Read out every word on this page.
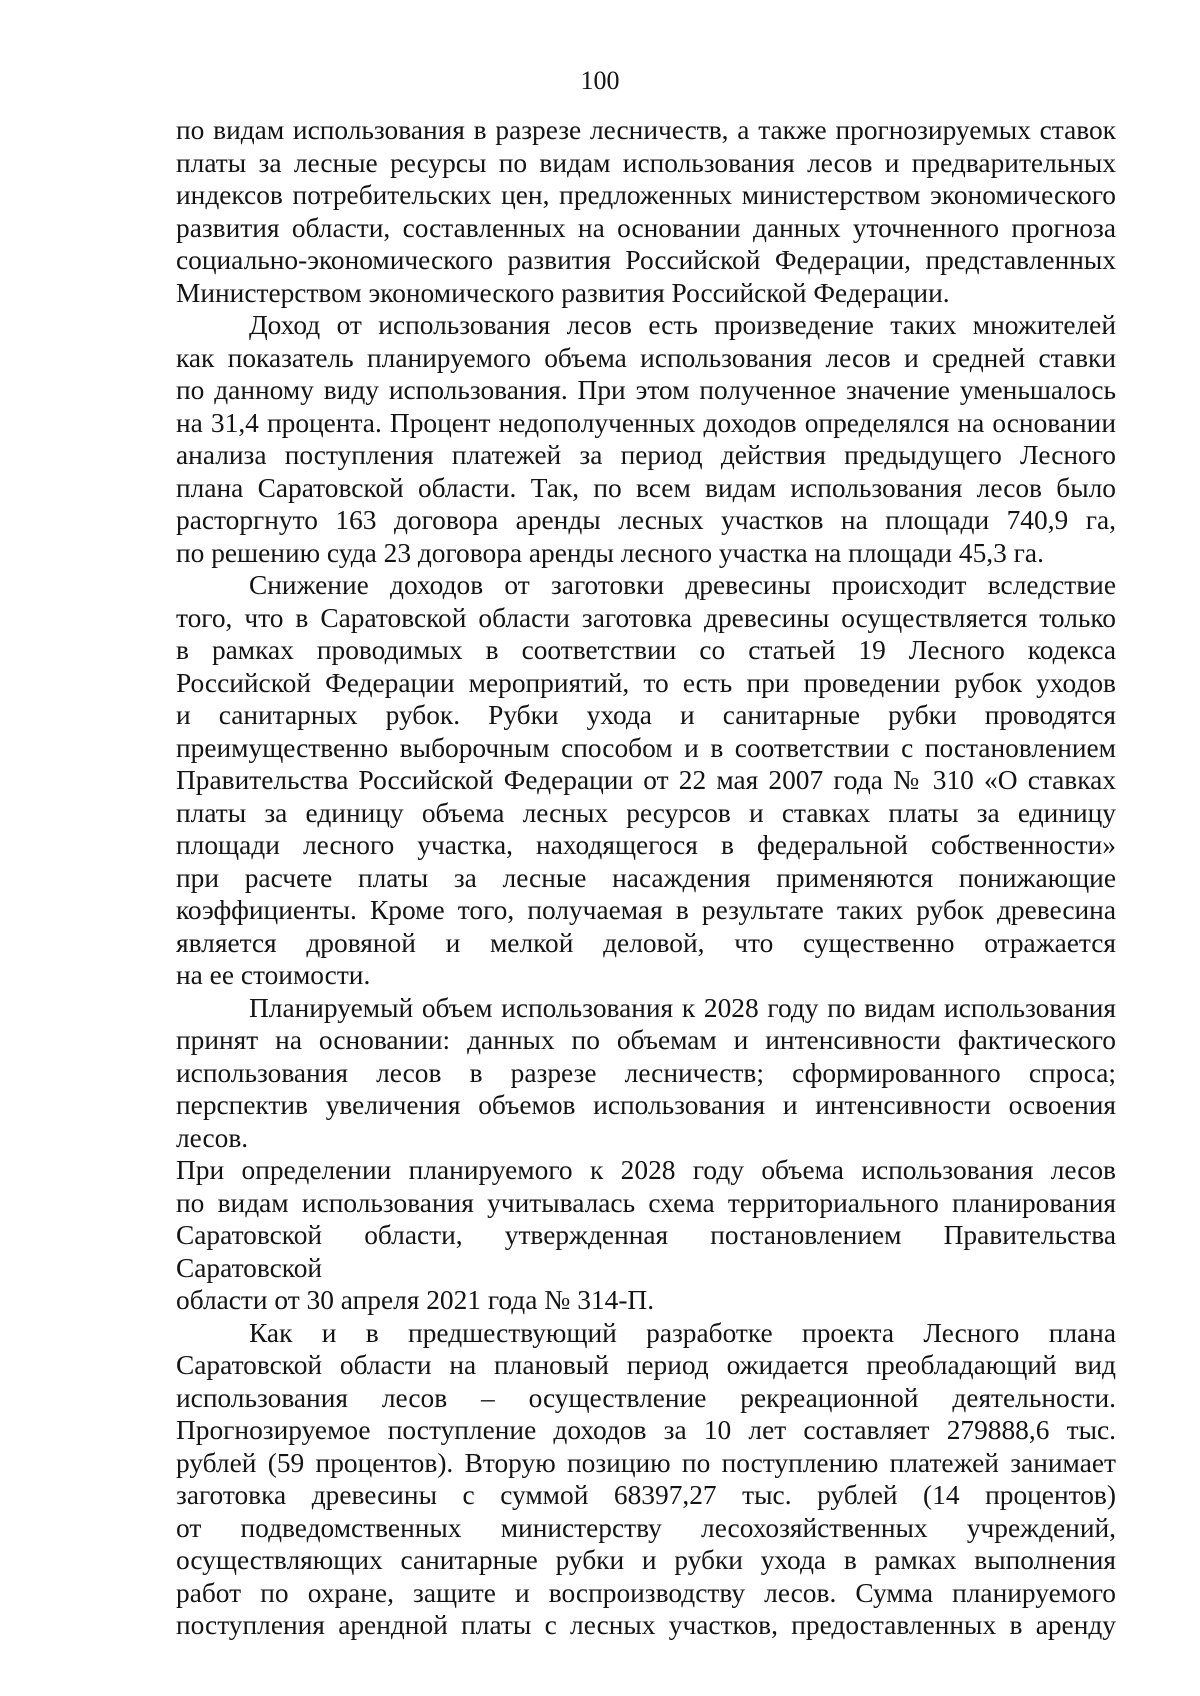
100

по видам использования в разрезе лесничеств, а также прогнозируемых ставок

платы за лесные ресурсы по видам использования лесов и предварительных

индексов потребительских цен, предложенных министерством экономического

развития области, составленных на основании данных уточненного прогноза

социально-экономического развития Российской Федерации, представленных

Министерством экономического развития Российской Федерации.

Доход от использования лесов есть произведение таких множителей

как показатель планируемого объема использования лесов и средней ставки

по данному виду использования. При этом полученное значение уменьшалось

на 31,4 процента. Процент недополученных доходов определялся на основании

анализа поступления платежей за период действия предыдущего Лесного

плана Саратовской области. Так, по всем видам использования лесов было

расторгнуто 163 договора аренды лесных участков на площади 740,9 га,

по решению суда 23 договора аренды лесного участка на площади 45,3 га.

Снижение доходов от заготовки древесины происходит вследствие

того, что в Саратовской области заготовка древесины осуществляется только

в рамках проводимых в соответствии со статьей 19 Лесного кодекса

Российской Федерации мероприятий, то есть при проведении рубок уходов

и санитарных рубок. Рубки ухода и санитарные рубки проводятся

преимущественно выборочным способом и в соответствии с постановлением

Правительства Российской Федерации от 22 мая 2007 года № 310 «О ставках

платы за единицу объема лесных ресурсов и ставках платы за единицу

площади лесного участка, находящегося в федеральной собственности»

при расчете платы за лесные насаждения применяются понижающие

коэффициенты. Кроме того, получаемая в результате таких рубок древесина

является дровяной и мелкой деловой, что существенно отражается

на ее стоимости.

Планируемый объем использования к 2028 году по видам использования

принят на основании: данных по объемам и интенсивности фактического

использования лесов в разрезе лесничеств; сформированного спроса;

перспектив увеличения объемов использования и интенсивности освоения лесов.

При определении планируемого к 2028 году объема использования лесов

по видам использования учитывалась схема территориального планирования

Саратовской области, утвержденная постановлением Правительства Саратовской

области от 30 апреля 2021 года № 314-П.

Как и в предшествующий разработке проекта Лесного плана

Саратовской области на плановый период ожидается преобладающий вид

использования лесов – осуществление рекреационной деятельности.

Прогнозируемое поступление доходов за 10 лет составляет 279888,6 тыс.

рублей (59 процентов). Вторую позицию по поступлению платежей занимает

заготовка древесины с суммой 68397,27 тыс. рублей (14 процентов)

от подведомственных министерству лесохозяйственных учреждений,

осуществляющих санитарные рубки и рубки ухода в рамках выполнения

работ по охране, защите и воспроизводству лесов. Сумма планируемого

поступления арендной платы с лесных участков, предоставленных в аренду
